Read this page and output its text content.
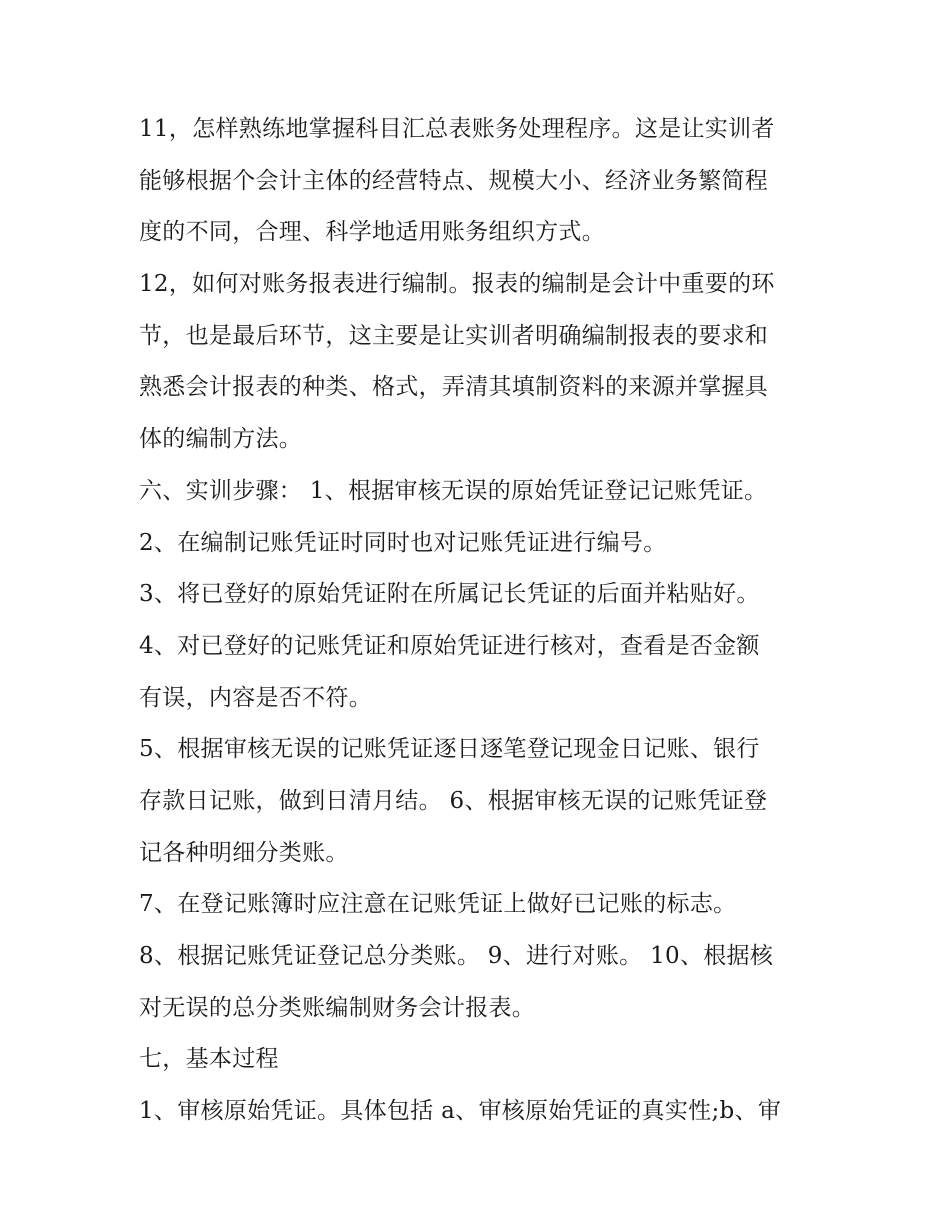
11，怎样熟练地掌握科目汇总表账务处理程序。这是让实训者
能够根据个会计主体的经营特点、规模大小、经济业务繁简程
度的不同，合理、科学地适用账务组织方式。
12，如何对账务报表进行编制。报表的编制是会计中重要的环
节，也是最后环节，这主要是让实训者明确编制报表的要求和
熟悉会计报表的种类、格式，弄清其填制资料的来源并掌握具
体的编制方法。
六、实训步骤： 1、根据审核无误的原始凭证登记记账凭证。
2、在编制记账凭证时同时也对记账凭证进行编号。
3、将已登好的原始凭证附在所属记长凭证的后面并粘贴好。
4、对已登好的记账凭证和原始凭证进行核对，查看是否金额
有误，内容是否不符。
5、根据审核无误的记账凭证逐日逐笔登记现金日记账、银行
存款日记账，做到日清月结。 6、根据审核无误的记账凭证登
记各种明细分类账。
7、在登记账簿时应注意在记账凭证上做好已记账的标志。
8、根据记账凭证登记总分类账。 9、进行对账。 10、根据核
对无误的总分类账编制财务会计报表。
七，基本过程
1、审核原始凭证。具体包括 a、审核原始凭证的真实性;b、审
